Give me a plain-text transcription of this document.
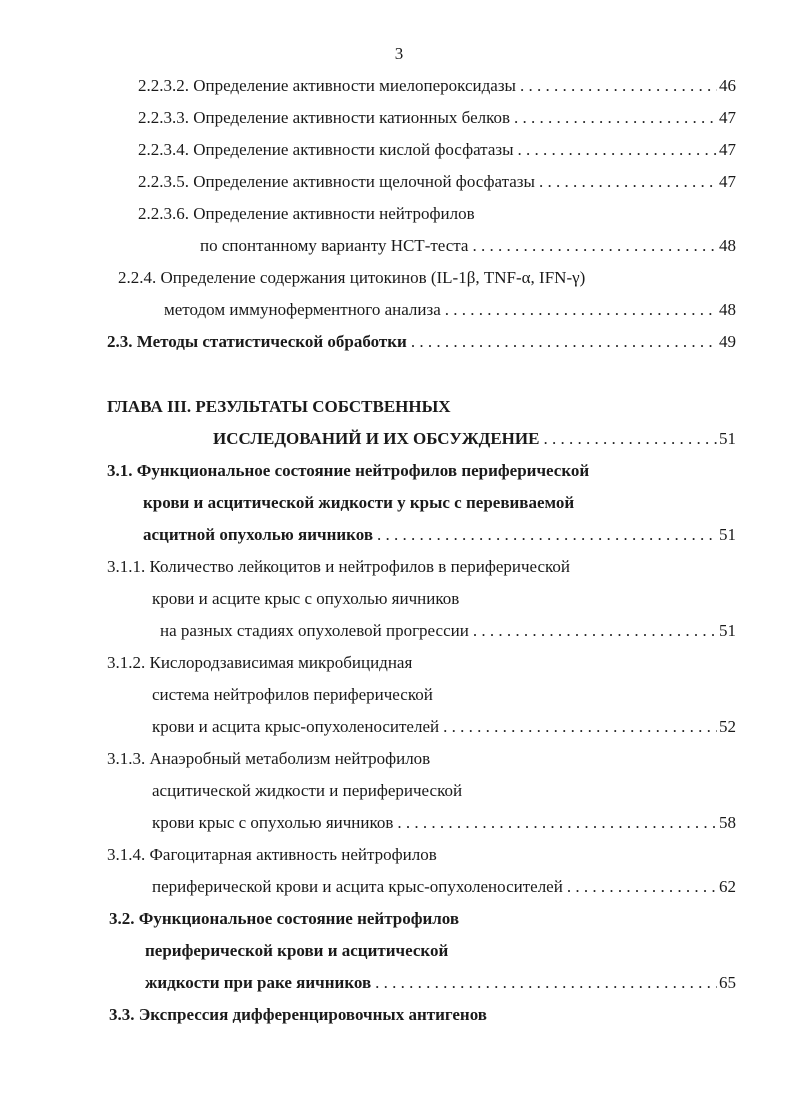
3
2.2.3.2. Определение активности миелопероксидазы . . .	46
2.2.3.3. Определение активности катионных белков . . .	47
2.2.3.4. Определение активности кислой фосфатазы . . .	47
2.2.3.5. Определение активности щелочной фосфатазы . . .	47
2.2.3.6. Определение активности нейтрофилов
по спонтанному варианту НСТ-теста . . .	48
2.2.4. Определение содержания цитокинов (IL-1β, TNF-α, IFN-γ)
методом иммуноферментного анализа . . .	48
2.3. Методы статистической обработки . . .	49
ГЛАВА III. РЕЗУЛЬТАТЫ СОБСТВЕННЫХ
ИССЛЕДОВАНИЙ И ИХ ОБСУЖДЕНИЕ . . .	51
3.1. Функциональное состояние нейтрофилов периферической
крови и асцитической жидкости у крыс с перевиваемой
асцитной опухолью яичников . . .	51
3.1.1. Количество лейкоцитов и нейтрофилов в периферической
крови и асците крыс с опухолью яичников
на разных стадиях опухолевой прогрессии . . .	51
3.1.2. Кислородзависимая микробицидная
система нейтрофилов периферической
крови и асцита крыс-опухоленосителей . . .	52
3.1.3. Анаэробный метаболизм нейтрофилов
асцитической жидкости и периферической
крови крыс с опухолью яичников . . .	58
3.1.4. Фагоцитарная активность нейтрофилов
периферической крови и асцита крыс-опухоленосителей . . .	62
3.2. Функциональное состояние нейтрофилов
периферической крови и асцитической
жидкости при раке яичников . . .	65
3.3. Экспрессия дифференцировочных антигенов
